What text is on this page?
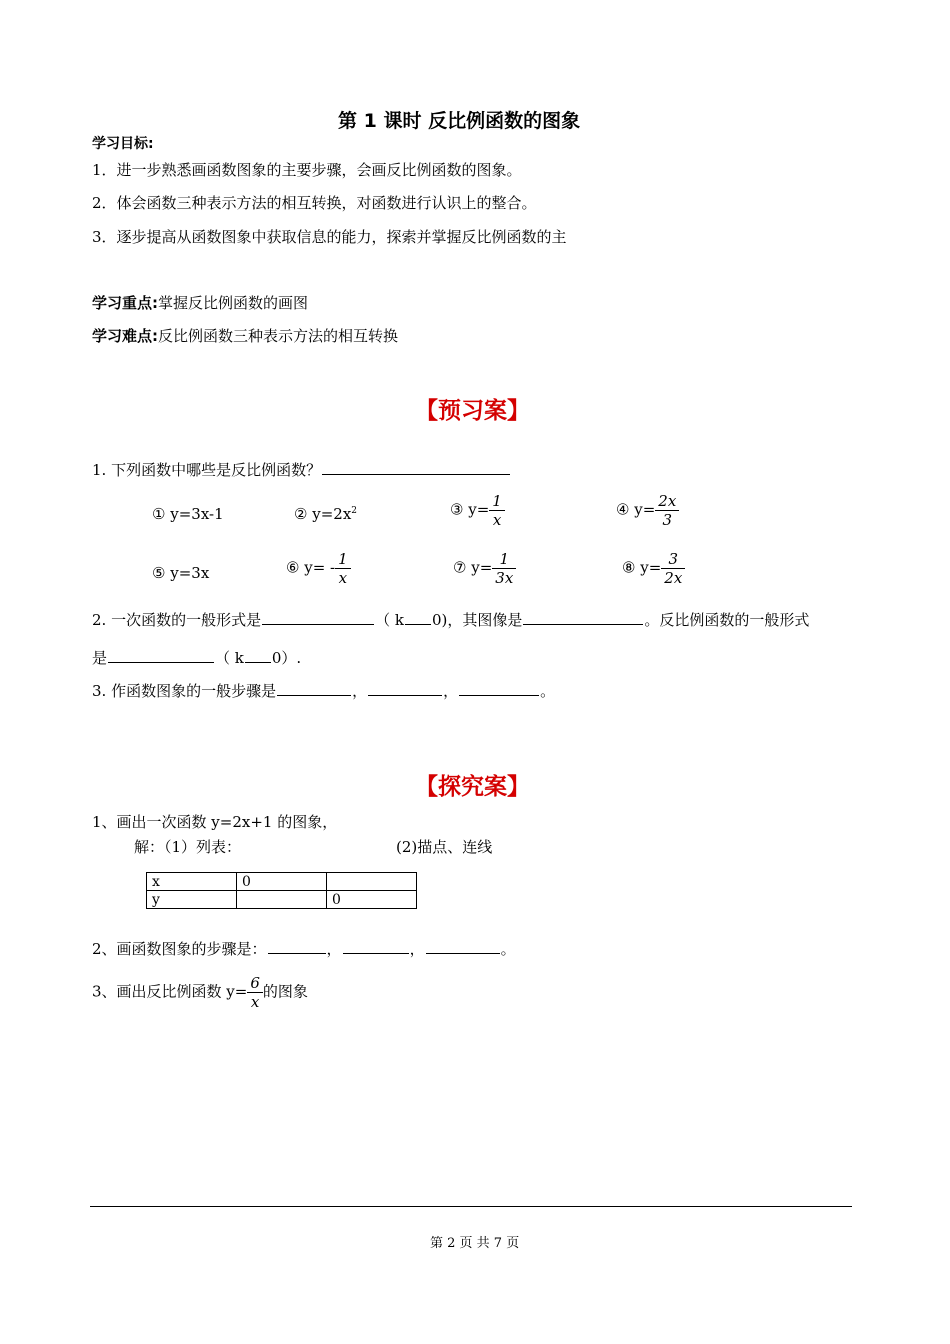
第 1 课时 反比例函数的图象
学习目标:
1．进一步熟悉画函数图象的主要步骤，会画反比例函数的图象。
2．体会函数三种表示方法的相互转换，对函数进行认识上的整合。
3．逐步提高从函数图象中获取信息的能力，探索并掌握反比例函数的主
学习重点:掌握反比例函数的画图
学习难点:反比例函数三种表示方法的相互转换
【预习案】
1. 下列函数中哪些是反比例函数？
① y=3x-1	② $y=2x^2$	③ $y= \frac{1}{x}$	④ $y= \frac{2x}{3}$
⑤ y=3x	⑥ $y= - \frac{1}{x}$	⑦ $y= \frac{1}{3x}$	⑧ $y= \frac{3}{2x}$
2. 一次函数的一般形式是	（ k 0)，其图像是	。反比例函数的一般形式
是	（ k 0）.
3. 作函数图象的一般步骤是	，	，	。
【探究案】
1、画出一次函数 y=2x+1 的图象，
解：（1）列表：	(2)描点、连线
x	0	
y		0
2、画函数图象的步骤是：	，	，	。
3、画出反比例函数 $y= \frac{6}{x}$ 的图象
第 2 页 共 7 页
